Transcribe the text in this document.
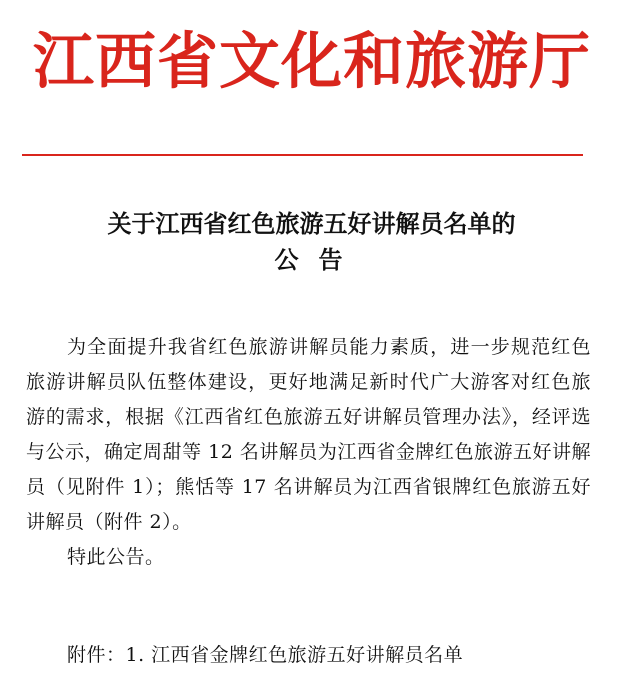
江西省文化和旅游厅
关于江西省红色旅游五好讲解员名单的
公告

为全面提升我省红色旅游讲解员能力素质，进一步规范红色旅游讲解员队伍整体建设，更好地满足新时代广大游客对红色旅游的需求，根据《江西省红色旅游五好讲解员管理办法》，经评选与公示，确定周甜等 12 名讲解员为江西省金牌红色旅游五好讲解员（见附件 1）；熊恬等 17 名讲解员为江西省银牌红色旅游五好讲解员（附件 2）。

特此公告。

附件：1. 江西省金牌红色旅游五好讲解员名单
